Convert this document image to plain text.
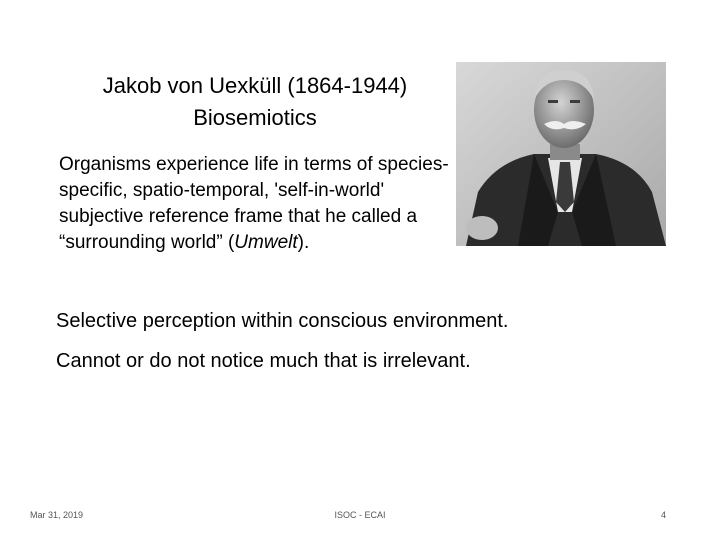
Jakob von Uexküll (1864-1944)
Biosemiotics

Organisms experience life in terms of species-specific, spatio-temporal, 'self-in-world' subjective reference frame that he called a “surrounding world” (Umwelt).

Selective perception within conscious environment.
Cannot or do not notice much that is irrelevant.
Mar 31, 2019	ISOC - ECAI	4
